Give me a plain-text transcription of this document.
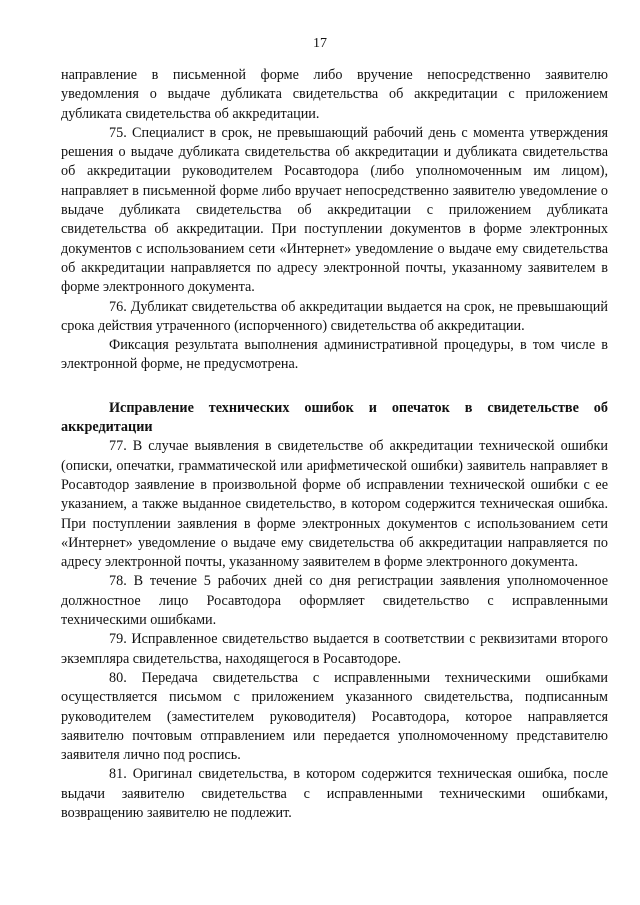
17

направление в письменной форме либо вручение непосредственно заявителю уведомления о выдаче дубликата свидетельства об аккредитации с приложением дубликата свидетельства об аккредитации.

75. Специалист в срок, не превышающий рабочий день с момента утверждения решения о выдаче дубликата свидетельства об аккредитации и дубликата свидетельства об аккредитации руководителем Росавтодора (либо уполномоченным им лицом), направляет в письменной форме либо вручает непосредственно заявителю уведомление о выдаче дубликата свидетельства об аккредитации с приложением дубликата свидетельства об аккредитации. При поступлении документов в форме электронных документов с использованием сети «Интернет» уведомление о выдаче ему свидетельства об аккредитации направляется по адресу электронной почты, указанному заявителем в форме электронного документа.

76. Дубликат свидетельства об аккредитации выдается на срок, не превышающий срока действия утраченного (испорченного) свидетельства об аккредитации.

Фиксация результата выполнения административной процедуры, в том числе в электронной форме, не предусмотрена.

Исправление технических ошибок и опечаток в свидетельстве об аккредитации

77. В случае выявления в свидетельстве об аккредитации технической ошибки (описки, опечатки, грамматической или арифметической ошибки) заявитель направляет в Росавтодор заявление в произвольной форме об исправлении технической ошибки с ее указанием, а также выданное свидетельство, в котором содержится техническая ошибка. При поступлении заявления в форме электронных документов с использованием сети «Интернет» уведомление о выдаче ему свидетельства об аккредитации направляется по адресу электронной почты, указанному заявителем в форме электронного документа.

78. В течение 5 рабочих дней со дня регистрации заявления уполномоченное должностное лицо Росавтодора оформляет свидетельство с исправленными техническими ошибками.

79. Исправленное свидетельство выдается в соответствии с реквизитами второго экземпляра свидетельства, находящегося в Росавтодоре.

80. Передача свидетельства с исправленными техническими ошибками осуществляется письмом с приложением указанного свидетельства, подписанным руководителем (заместителем руководителя) Росавтодора, которое направляется заявителю почтовым отправлением или передается уполномоченному представителю заявителя лично под роспись.

81. Оригинал свидетельства, в котором содержится техническая ошибка, после выдачи заявителю свидетельства с исправленными техническими ошибками, возвращению заявителю не подлежит.
